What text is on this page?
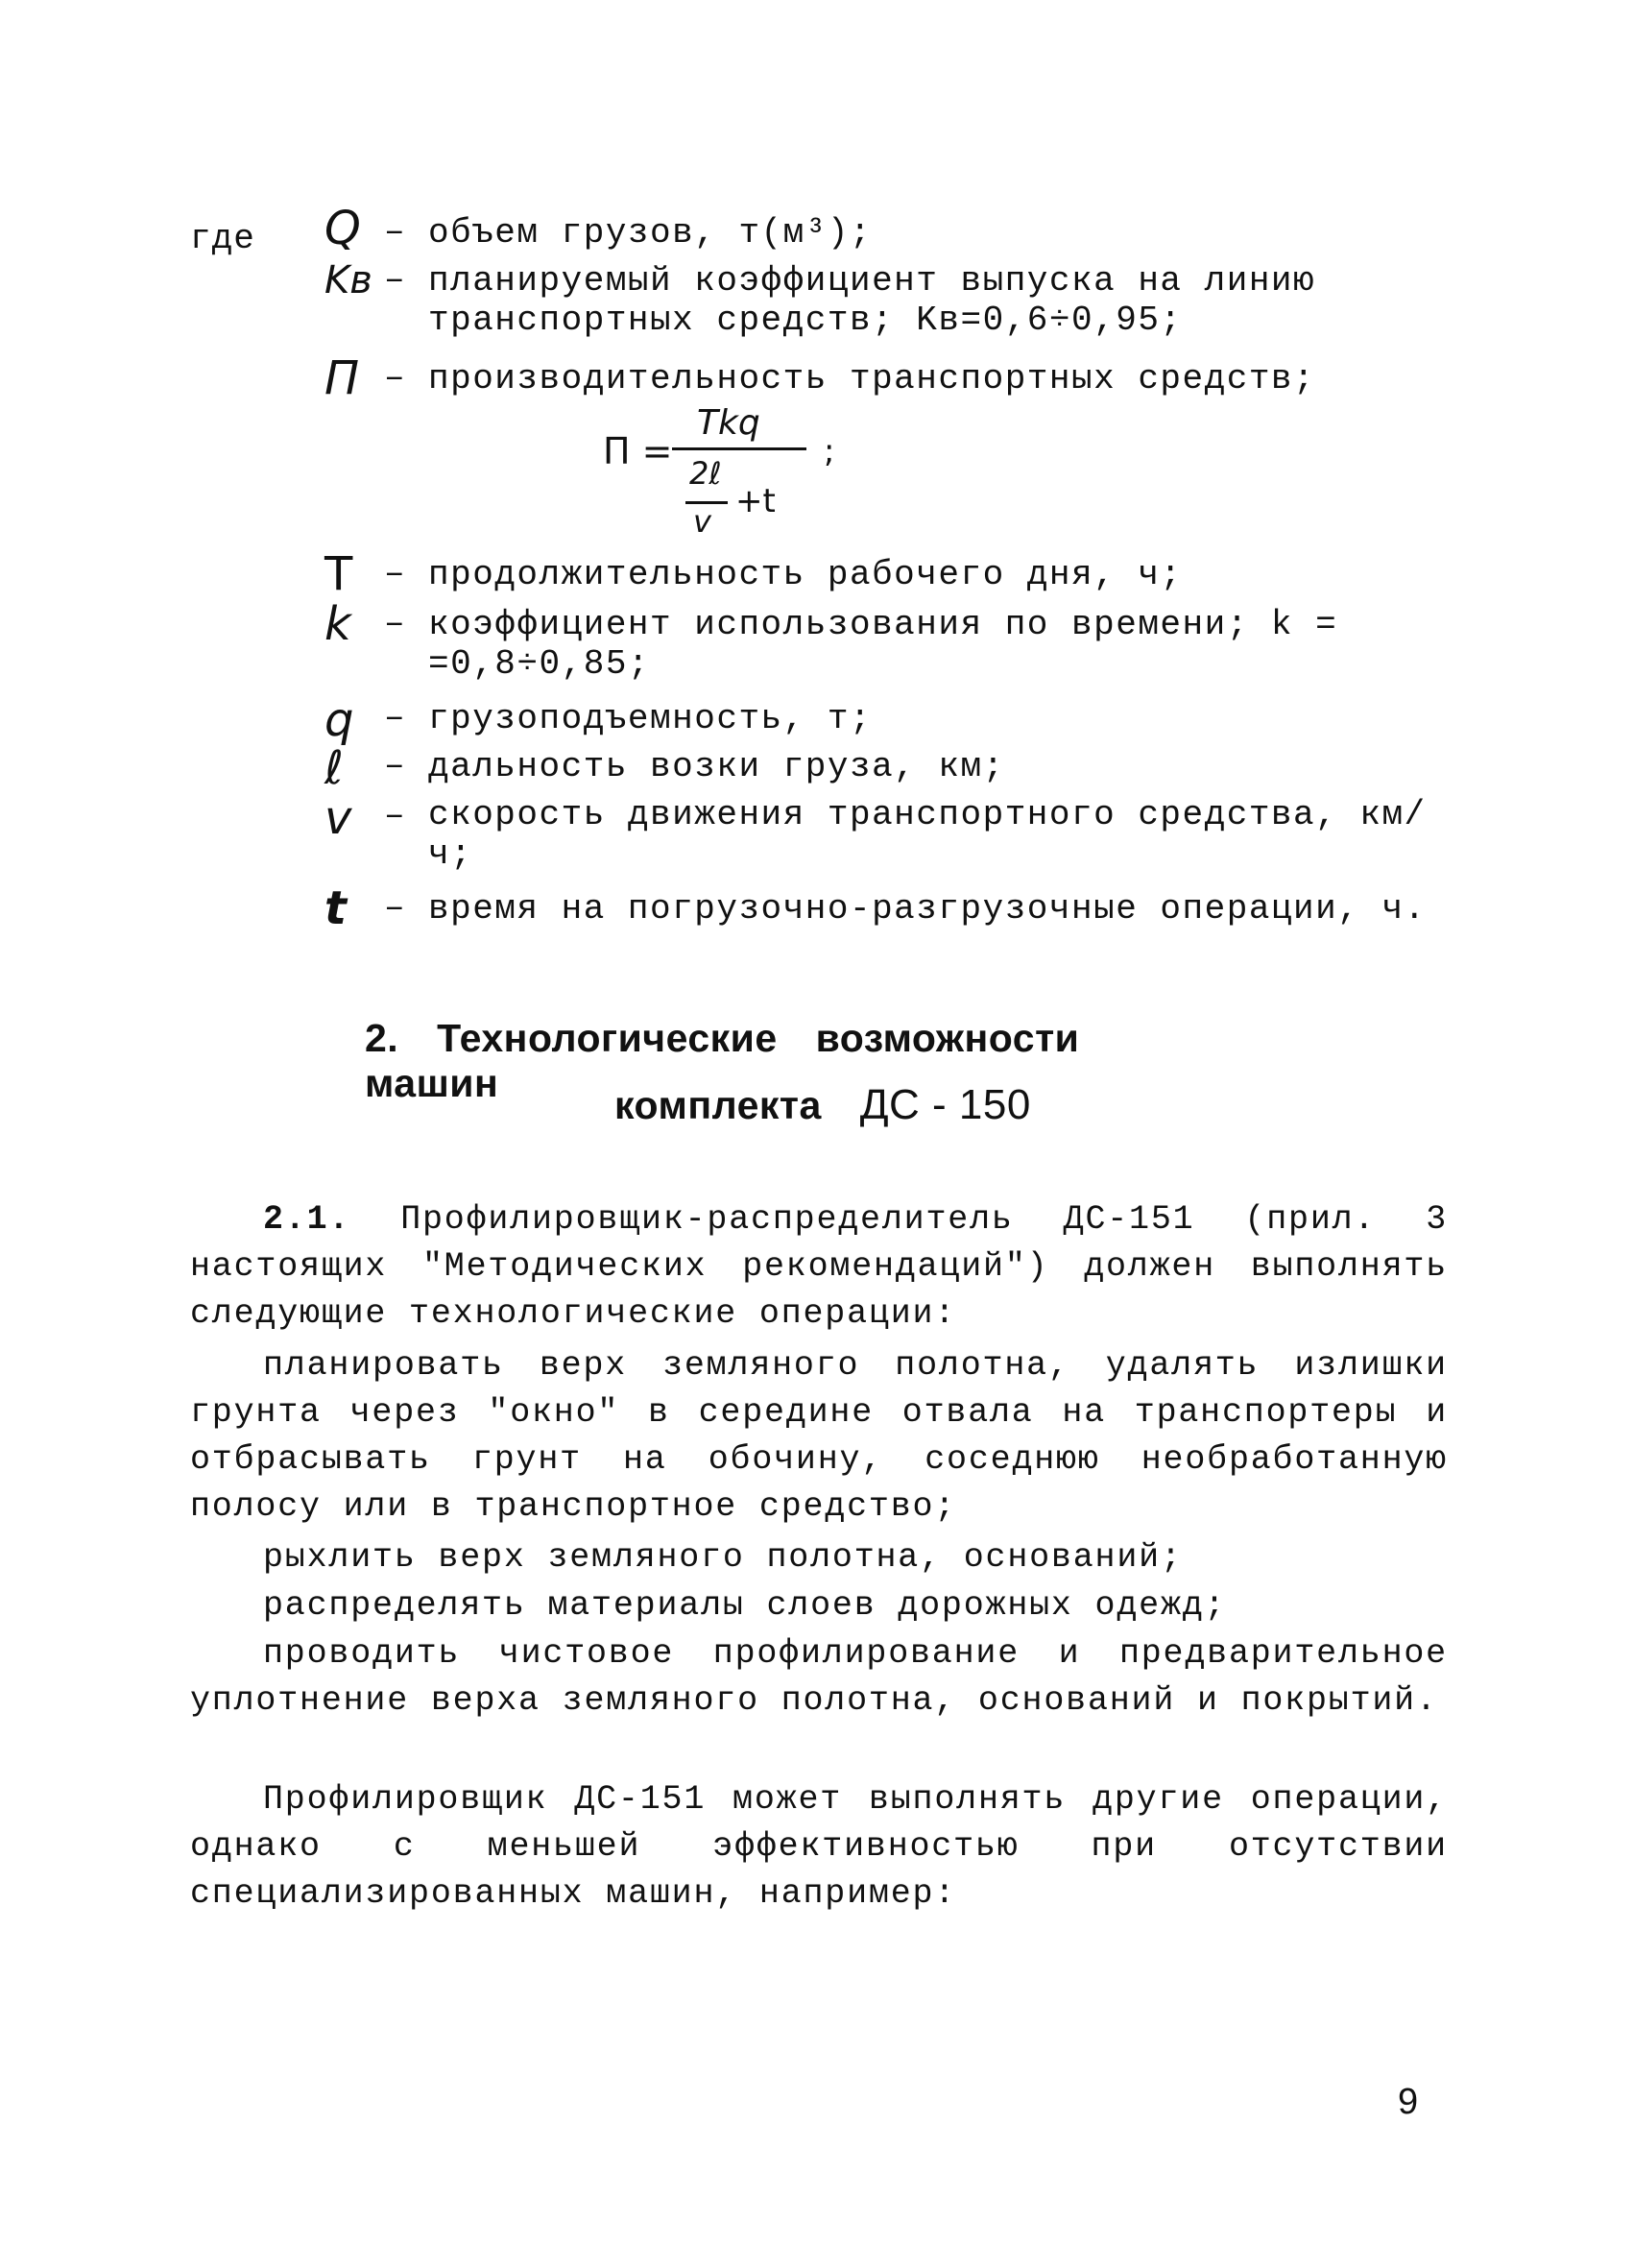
где Q – объем грузов, т(м³);
Kв – планируемый коэффициент выпуска на линию транспортных средств; Kв=0,6÷0,95;
П – производительность транспортных средств;
T – продолжительность рабочего дня, ч;
k – коэффициент использования по времени; k = =0,8÷0,85;
q – грузоподъемность, т;
ℓ	– дальность возки груза, км;
v – скорость движения транспортного средства, км/ч;
t	– время на погрузочно-разгрузочные операции, ч.
П =
Tkq
2ℓ
v
+t
;
2. Технологические возможности машин	комплекта ДС - 150
2.1. Профилировщик-распределитель ДС-151 (прил. 3 настоящих "Методических рекомендаций") должен выполнять следующие технологические операции:
планировать верх земляного полотна, удалять излишки грунта через "окно" в середине отвала на транспортеры и отбрасывать грунт на обочину, соседнюю необработанную полосу или в транспортное средство;
рыхлить верх земляного полотна, оснований;
распределять материалы слоев дорожных одежд;
проводить чистовое профилирование и предварительное уплотнение верха земляного полотна, оснований и покрытий.
Профилировщик ДС-151 может выполнять другие операции, однако с меньшей эффективностью при отсутствии специализированных машин, например:
9
